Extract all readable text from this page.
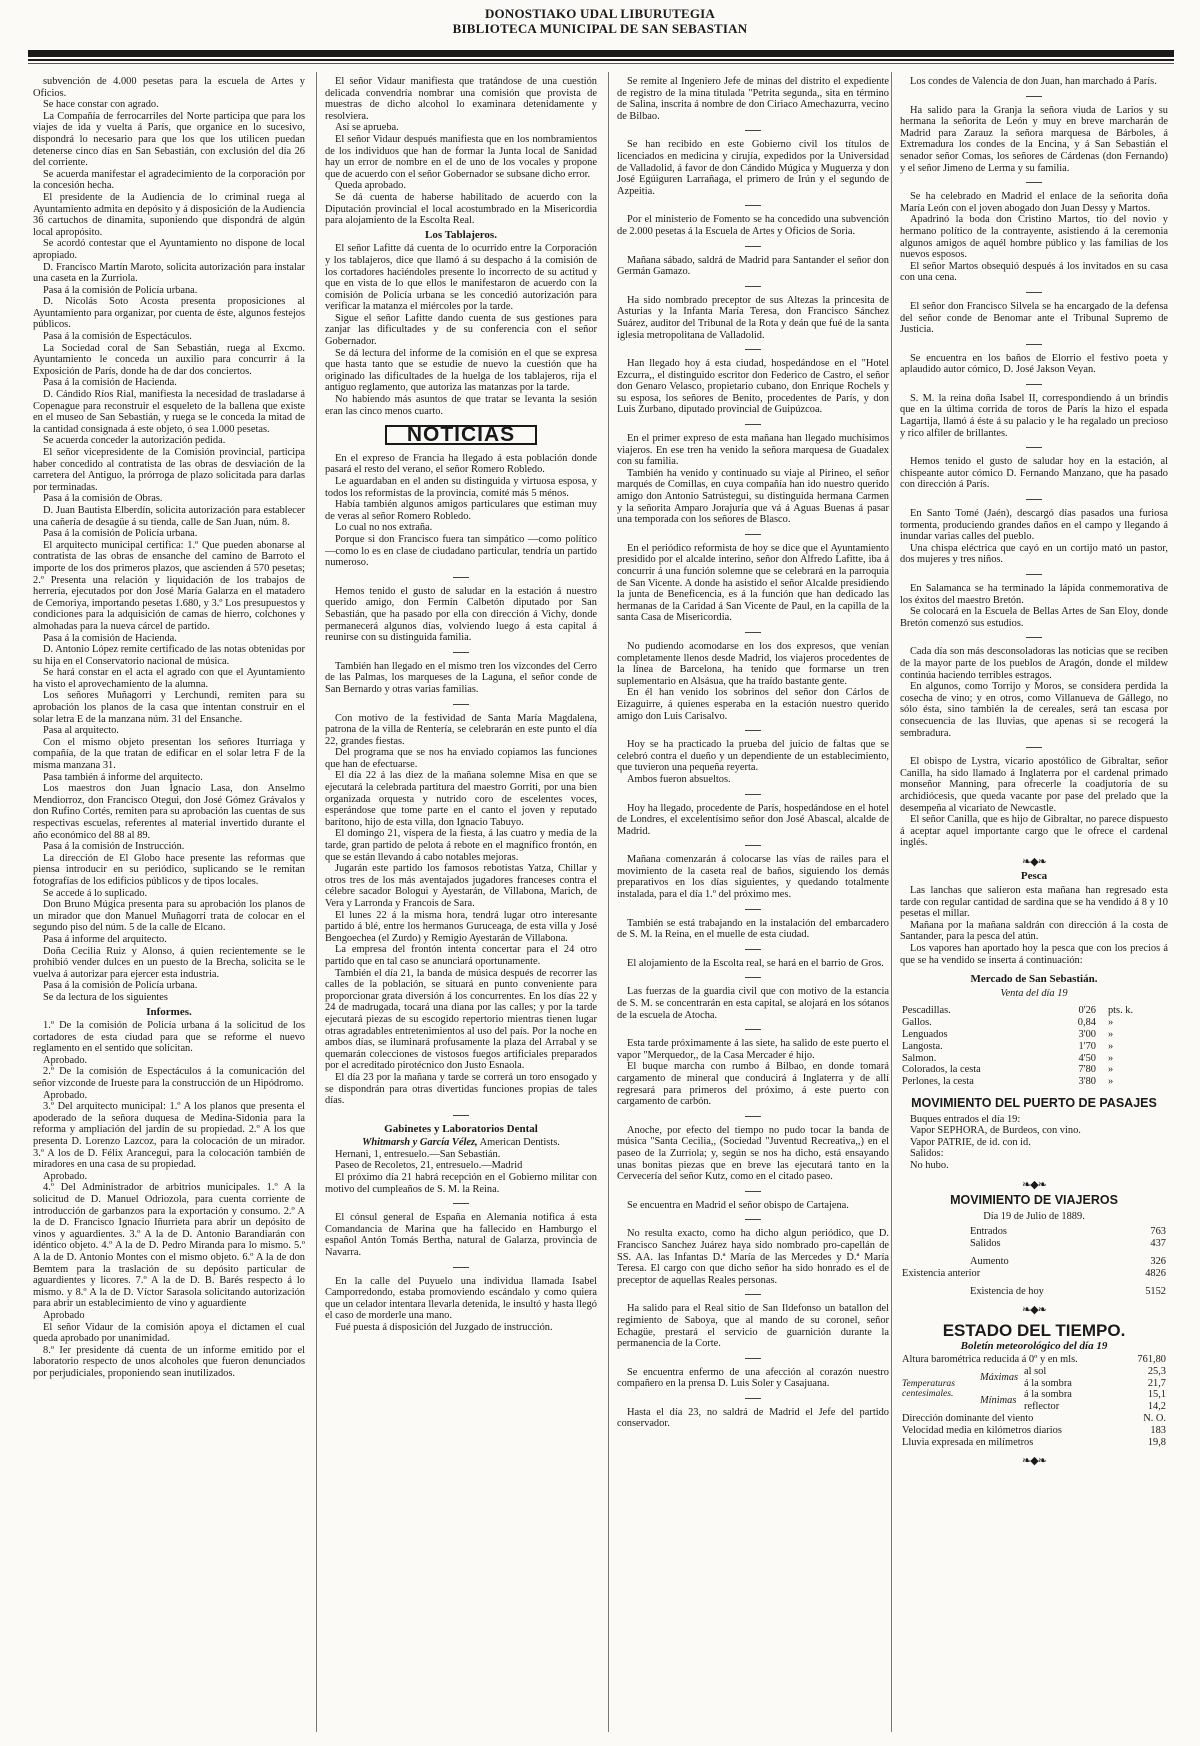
DONOSTIAKO UDAL LIBURUTEGIA
BIBLIOTECA MUNICIPAL DE SAN SEBASTIAN

subvención de 4.000 pesetas para la escuela de Artes y Oficios.

Se hace constar con agrado.

La Compañía de ferrocarriles del Norte participa que para los viajes de ida y vuelta á París, que organice en lo sucesivo, dispondrá lo necesario para que los que los utilicen puedan detenerse cinco días en San Sebastián, con exclusión del día 26 del corriente.

Se acuerda manifestar el agradecimiento de la corporación por la concesión hecha.

El presidente de la Audiencia de lo criminal ruega al Ayuntamiento admita en depósito y á disposición de la Audiencia 36 cartuchos de dinamita, suponiendo que dispondrá de algún local apropósito.

Se acordó contestar que el Ayuntamiento no dispone de local apropiado.

D. Francisco Martín Maroto, solicita autorización para instalar una caseta en la Zurriola.

Pasa á la comisión de Policía urbana.

D. Nicolás Soto Acosta presenta proposiciones al Ayuntamiento para organizar, por cuenta de éste, algunos festejos públicos.

Pasa á la comisión de Espectáculos.

La Sociedad coral de San Sebastián, ruega al Excmo. Ayuntamiento le conceda un auxilio para concurrir á la Exposición de París, donde ha de dar dos conciertos.

Pasa á la comisión de Hacienda.

D. Cándido Ríos Rial, manifiesta la necesidad de trasladarse á Copenague para reconstruir el esqueleto de la ballena que existe en el museo de San Sebastián, y ruega se le conceda la mitad de la cantidad consignada á este objeto, ó sea 1.000 pesetas.

Se acuerda conceder la autorización pedida.

El señor vicepresidente de la Comisión provincial, participa haber concedido al contratista de las obras de desviación de la carretera del Antiguo, la prórroga de plazo solicitada para darlas por terminadas.

Pasa á la comisión de Obras.

D. Juan Bautista Elberdín, solicita autorización para establecer una cañería de desagüe á su tienda, calle de San Juan, núm. 8.

Pasa á la comisión de Policía urbana.

El arquitecto municipal certifica: 1.º Que pueden abonarse al contratista de las obras de ensanche del camino de Barroto el importe de los dos primeros plazos, que ascienden á 570 pesetas; 2.º Presenta una relación y liquidación de los trabajos de herrería, ejecutados por don José María Galarza en el matadero de Cemoriya, importando pesetas 1.680, y 3.º Los presupuestos y condiciones para la adquisición de camas de hierro, colchones y almohadas para la nueva cárcel de partido.

Pasa á la comisión de Hacienda.

D. Antonio López remite certificado de las notas obtenidas por su hija en el Conservatorio nacional de música.

Se hará constar en el acta el agrado con que el Ayuntamiento ha visto el aprovechamiento de la alumna.

Los señores Muñagorri y Lerchundi, remiten para su aprobación los planos de la casa que intentan construir en el solar letra E de la manzana núm. 31 del Ensanche.

Pasa al arquitecto.

Con el mismo objeto presentan los señores Iturriaga y compañía, de la que tratan de edificar en el solar letra F de la misma manzana 31.

Pasa también á informe del arquitecto.

Los maestros don Juan Ignacio Lasa, don Anselmo Mendiorroz, don Francisco Otegui, don José Gómez Grávalos y don Rufino Cortés, remiten para su aprobación las cuentas de sus respectivas escuelas, referentes al material invertido durante el año económico del 88 al 89.

Pasa á la comisión de Instrucción.

La dirección de El Globo hace presente las reformas que piensa introducir en su periódico, suplicando se le remitan fotografías de los edificios públicos y de tipos locales.

Se accede á lo suplicado.

Don Bruno Múgica presenta para su aprobación los planos de un mirador que don Manuel Muñagorri trata de colocar en el segundo piso del núm. 5 de la calle de Elcano.

Pasa á informe del arquitecto.

Doña Cecilia Ruiz y Alonso, á quien recientemente se le prohibió vender dulces en un puesto de la Brecha, solicita se le vuelva á autorizar para ejercer esta industria.

Pasa á la comisión de Policía urbana.

Se da lectura de los siguientes

Informes.

1.º De la comisión de Policía urbana á la solicitud de los cortadores de esta ciudad para que se reforme el nuevo reglamento en el sentido que solicitan.

Aprobado.

2.º De la comisión de Espectáculos á la comunicación del señor vizconde de Irueste para la construcción de un Hipódromo.

Aprobado.

3.º Del arquitecto municipal: 1.º A los planos que presenta el apoderado de la señora duquesa de Medina-Sidonia para la reforma y ampliación del jardín de su propiedad. 2.º A los que presenta D. Lorenzo Lazcoz, para la colocación de un mirador. 3.º A los de D. Félix Arancegui, para la colocación también de miradores en una casa de su propiedad.

Aprobado.

4.º Del Administrador de arbitrios municipales. 1.º A la solicitud de D. Manuel Odriozola, para cuenta corriente de introducción de garbanzos para la exportación y consumo. 2.º A la de D. Francisco Ignacio Iñurrieta para abrir un depósito de vinos y aguardientes. 3.º A la de D. Antonio Barandiarán con idéntico objeto. 4.º A la de D. Pedro Miranda para lo mismo. 5.º A la de D. Antonio Montes con el mismo objeto. 6.º A la de don Bemtem para la traslación de su depósito particular de aguardientes y licores. 7.º A la de D. B. Barés respecto á lo mismo. y 8.º A la de D. Víctor Sarasola solicitando autorización para abrir un establecimiento de vino y aguardiente

Aprobado

El señor Vidaur de la comisión apoya el dictamen el cual queda aprobado por unanimidad.

8.º Ier presidente dá cuenta de un informe emitido por el laboratorio respecto de unos alcoholes que fueron denunciados por perjudiciales, proponiendo sean inutilizados.

El señor Vidaur manifiesta que tratándose de una cuestión delicada convendría nombrar una comisión que provista de muestras de dicho alcohol lo examinara detenidamente y resolviera.

Así se aprueba.

El señor Vidaur después manifiesta que en los nombramientos de los individuos que han de formar la Junta local de Sanidad hay un error de nombre en el de uno de los vocales y propone que de acuerdo con el señor Gobernador se subsane dicho error.

Queda aprobado.

Se dá cuenta de haberse habilitado de acuerdo con la Diputación provincial el local acostumbrado en la Misericordia para alojamiento de la Escolta Real.

Los Tablajeros.

El señor Lafitte dá cuenta de lo ocurrido entre la Corporación y los tablajeros, dice que llamó á su despacho á la comisión de los cortadores haciéndoles presente lo incorrecto de su actitud y que en vista de lo que ellos le manifestaron de acuerdo con la comisión de Policía urbana se les concedió autorización para verificar la matanza el miércoles por la tarde.

Sigue el señor Lafitte dando cuenta de sus gestiones para zanjar las dificultades y de su conferencia con el señor Gobernador.

Se dá lectura del informe de la comisión en el que se expresa que hasta tanto que se estudie de nuevo la cuestión que ha originado las dificultades de la huelga de los tablajeros, rija el antiguo reglamento, que autoriza las matanzas por la tarde.

No habiendo más asuntos de que tratar se levanta la sesión eran las cinco menos cuarto.

NOTICIAS

En el expreso de Francia ha llegado á esta población donde pasará el resto del verano, el señor Romero Robledo.

Le aguardaban en el anden su distinguida y virtuosa esposa, y todos los reformistas de la provincia, comité más 5 ménos.

Había también algunos amigos particulares que estiman muy de veras al señor Romero Robledo.

Lo cual no nos extraña.

Porque si don Francisco fuera tan simpático —como político—como lo es en clase de ciudadano particular, tendría un partido numeroso.

Hemos tenido el gusto de saludar en la estación á nuestro querido amigo, don Fermín Calbetón diputado por San Sebastián, que ha pasado por ella con dirección á Vichy, donde permanecerá algunos días, volviendo luego á esta capital á reunirse con su distinguida familia.

También han llegado en el mismo tren los vizcondes del Cerro de las Palmas, los marqueses de la Laguna, el señor conde de San Bernardo y otras varias familias.

Con motivo de la festividad de Santa María Magdalena, patrona de la villa de Rentería, se celebrarán en este punto el día 22, grandes fiestas.

Del programa que se nos ha enviado copiamos las funciones que han de efectuarse.

El día 22 á las diez de la mañana solemne Misa en que se ejecutará la celebrada partitura del maestro Gorriti, por una bien organizada orquesta y nutrido coro de escelentes voces, esperándose que tome parte en el canto el joven y reputado barítono, hijo de esta villa, don Ignacio Tabuyo.

El domingo 21, víspera de la fiesta, á las cuatro y media de la tarde, gran partido de pelota á rebote en el magnífico frontón, en que se están llevando á cabo notables mejoras.

Jugarán este partido los famosos rebotistas Yatza, Chillar y otros tres de los más aventajados jugadores franceses contra el célebre sacador Bologui y Ayestarán, de Villabona, Marich, de Vera y Larronda y Francois de Sara.

El lunes 22 á la misma hora, tendrá lugar otro interesante partido á blé, entre los hermanos Guruceaga, de esta villa y José Bengoechea (el Zurdo) y Remigio Ayestarán de Villabona.

La empresa del frontón intenta concertar para el 24 otro partido que en tal caso se anunciará oportunamente.

También el día 21, la banda de música después de recorrer las calles de la población, se situará en punto conveniente para proporcionar grata diversión á los concurrentes. En los días 22 y 24 de madrugada, tocará una diana por las calles; y por la tarde ejecutará piezas de su escogido repertorio mientras tienen lugar otras agradables entretenimientos al uso del país. Por la noche en ambos días, se iluminará profusamente la plaza del Arrabal y se quemarán colecciones de vistosos fuegos artificiales preparados por el acreditado pirotécnico don Justo Esnaola.

El día 23 por la mañana y tarde se correrá un toro ensogado y se dispondrán para otras divertidas funciones propias de tales días.

Gabinetes y Laboratorios Dental
Whitmarsh y García Vélez, American Dentists.

Hernani, 1, entresuelo.—San Sebastián.

Paseo de Recoletos, 21, entresuelo.—Madrid

El próximo día 21 habrá recepción en el Gobierno militar con motivo del cumpleaños de S. M. la Reina.

El cónsul general de España en Alemania notifica á esta Comandancia de Marina que ha fallecido en Hamburgo el español Antón Tomás Bertha, natural de Galarza, provincia de Navarra.

En la calle del Puyuelo una individua llamada Isabel Camporredondo, estaba promoviendo escándalo y como quiera que un celador intentara llevarla detenida, le insultó y hasta llegó el caso de morderle una mano.

Fué puesta á disposición del Juzgado de instrucción.

Se remite al Ingeniero Jefe de minas del distrito el expediente de registro de la mina titulada "Petrita segunda,, sita en término de Salina, inscrita á nombre de don Ciriaco Amechazurra, vecino de Bilbao.

Se han recibido en este Gobierno civil los títulos de licenciados en medicina y cirujía, expedidos por la Universidad de Valladolid, á favor de don Cándido Múgica y Muguerza y don José Egúiguren Larrañaga, el primero de Irún y el segundo de Azpeitia.

Por el ministerio de Fomento se ha concedido una subvención de 2.000 pesetas á la Escuela de Artes y Oficios de Soria.

Mañana sábado, saldrá de Madrid para Santander el señor don Germán Gamazo.

Ha sido nombrado preceptor de sus Altezas la princesita de Asturias y la Infanta María Teresa, don Francisco Sánchez Suárez, auditor del Tribunal de la Rota y deán que fué de la santa iglesia metropolitana de Valladolid.

Han llegado hoy á esta ciudad, hospedándose en el "Hotel Ezcurra,, el distinguido escritor don Federico de Castro, el señor don Genaro Velasco, propietario cubano, don Enrique Rochels y su esposa, los señores de Benito, procedentes de París, y don Luis Zurbano, diputado provincial de Guipúzcoa.

En el primer expreso de esta mañana han llegado muchísimos viajeros. En ese tren ha venido la señora marquesa de Guadalex con su familia.

También ha venido y continuado su viaje al Pirineo, el señor marqués de Comillas, en cuya compañía han ido nuestro querido amigo don Antonio Satrústegui, su distinguida hermana Carmen y la señorita Amparo Jorajuría que vá á Aguas Buenas á pasar una temporada con los señores de Blasco.

En el periódico reformista de hoy se dice que el Ayuntamiento presidido por el alcalde interino, señor don Alfredo Lafitte, iba á concurrir á una función solemne que se celebrará en la parroquia de San Vicente. A donde ha asistido el señor Alcalde presidiendo la junta de Beneficencia, es á la función que han dedicado las hermanas de la Caridad á San Vicente de Paul, en la capilla de la santa Casa de Misericordia.

No pudiendo acomodarse en los dos expresos, que venían completamente llenos desde Madrid, los viajeros procedentes de la línea de Barcelona, ha tenido que formarse un tren suplementario en Alsásua, que ha traído bastante gente.

En él han venido los sobrinos del señor don Cárlos de Eizaguirre, á quienes esperaba en la estación nuestro querido amigo don Luis Carisalvo.

Hoy se ha practicado la prueba del juicio de faltas que se celebró contra el dueño y un dependiente de un establecimiento, que tuvieron una pequeña reyerta.

Ambos fueron absueltos.

Hoy ha llegado, procedente de París, hospedándose en el hotel de Londres, el excelentísimo señor don José Abascal, alcalde de Madrid.

Mañana comenzarán á colocarse las vías de railes para el movimiento de la caseta real de baños, siguiendo los demás preparativos en los días siguientes, y quedando totalmente instalada, para el día 1.º del próximo mes.

También se está trabajando en la instalación del embarcadero de S. M. la Reina, en el muelle de esta ciudad.

El alojamiento de la Escolta real, se hará en el barrio de Gros.

Las fuerzas de la guardia civil que con motivo de la estancia de S. M. se concentrarán en esta capital, se alojará en los sótanos de la escuela de Atocha.

Esta tarde próximamente á las siete, ha salido de este puerto el vapor "Merquedor,, de la Casa Mercader é hijo.

El buque marcha con rumbo á Bilbao, en donde tomará cargamento de mineral que conducirá á Inglaterra y de allí regresará para primeros del próximo, á este puerto con cargamento de carbón.

Anoche, por efecto del tiempo no pudo tocar la banda de música "Santa Cecilia,, (Sociedad "Juventud Recreativa,,) en el paseo de la Zurriola; y, según se nos ha dicho, está ensayando unas bonitas piezas que en breve las ejecutará tanto en la Cervecería del señor Kutz, como en el citado paseo.

Se encuentra en Madrid el señor obispo de Cartajena.

No resulta exacto, como ha dicho algun periódico, que D. Francisco Sanchez Juárez haya sido nombrado pro-capellán de SS. AA. las Infantas D.ª María de las Mercedes y D.ª María Teresa. El cargo con que dicho señor ha sido honrado es el de preceptor de aquellas Reales personas.

Ha salido para el Real sitio de San Ildefonso un batallon del regimiento de Saboya, que al mando de su coronel, señor Echagüe, prestará el servicio de guarnición durante la permanencia de la Corte.

Se encuentra enfermo de una afección al corazón nuestro compañero en la prensa D. Luis Soler y Casajuana.

Hasta el día 23, no saldrá de Madrid el Jefe del partido conservador.

Los condes de Valencia de don Juan, han marchado á París.

Ha salido para la Granja la señora viuda de Larios y su hermana la señorita de León y muy en breve marcharán de Madrid para Zarauz la señora marquesa de Bárboles, á Extremadura los condes de la Encina, y á San Sebastián el senador señor Comas, los señores de Cárdenas (don Fernando) y el señor Jimeno de Lerma y su familia.

Se ha celebrado en Madrid el enlace de la señorita doña María León con el joven abogado don Juan Dessy y Martos.

Apadrinó la boda don Cristino Martos, tío del novio y hermano político de la contrayente, asistiendo á la ceremonia algunos amigos de aquél hombre público y las familias de los nuevos esposos.

El señor Martos obsequió después á los invitados en su casa con una cena.

El señor don Francisco Silvela se ha encargado de la defensa del señor conde de Benomar ante el Tribunal Supremo de Justicia.

Se encuentra en los baños de Elorrio el festivo poeta y aplaudido autor cómico, D. José Jakson Veyan.

S. M. la reina doña Isabel II, correspondiendo á un brindis que en la última corrida de toros de París la hizo el espada Lagartija, llamó á éste á su palacio y le ha regalado un precioso y rico alfiler de brillantes.

Hemos tenido el gusto de saludar hoy en la estación, al chispeante autor cómico D. Fernando Manzano, que ha pasado con dirección á París.

En Santo Tomé (Jaén), descargó días pasados una furiosa tormenta, produciendo grandes daños en el campo y llegando á inundar varias calles del pueblo.

Una chispa eléctrica que cayó en un cortijo mató un pastor, dos mujeres y tres niños.

En Salamanca se ha terminado la lápida conmemorativa de los éxitos del maestro Bretón.

Se colocará en la Escuela de Bellas Artes de San Eloy, donde Bretón comenzó sus estudios.

Cada día son más desconsoladoras las noticias que se reciben de la mayor parte de los pueblos de Aragón, donde el mildew continúa haciendo terribles estragos.

En algunos, como Torrijo y Moros, se considera perdida la cosecha de vino; y en otros, como Villanueva de Gállego, no sólo ésta, sino también la de cereales, será tan escasa por consecuencia de las lluvias, que apenas si se recogerá la sembradura.

El obispo de Lystra, vicario apostólico de Gibraltar, señor Canilla, ha sido llamado á Inglaterra por el cardenal primado monseñor Manning, para ofrecerle la coadjutoría de su archidiócesis, que queda vacante por pase del prelado que la desempeña al vicariato de Newcastle.

El señor Canilla, que es hijo de Gibraltar, no parece dispuesto á aceptar aquel importante cargo que le ofrece el cardenal inglés.

❧◆❧
Pesca

Las lanchas que salieron esta mañana han regresado esta tarde con regular cantidad de sardina que se ha vendido á 8 y 10 pesetas el millar.

Mañana por la mañana saldrán con dirección á la costa de Santander, para la pesca del atún.

Los vapores han aportado hoy la pesca que con los precios á que se ha vendido se inserta á continuación:

Mercado de San Sebastián.
Venta del día 19
Pescadillas.	0'26	pts. k.
Gallos.	0,84	»
Lenguados	3'00	»
Langosta.	1'70	»
Salmon.	4'50	»
Colorados, la cesta	7'80	»
Perlones, la cesta	3'80	»
MOVIMIENTO DEL PUERTO DE PASAJES

Buques entrados el día 19:

Vapor SEPHORA, de Burdeos, con vino.

Vapor PATRIE, de id. con id.

Salidos:

No hubo.

❧◆❧
MOVIMIENTO DE VIAJEROS
Día 19 de Julio de 1889.
Entrados	763
Salidos	437
Aumento	326
Existencia anterior	4826
Existencia de hoy	5152
❧◆❧
ESTADO DEL TIEMPO.
Boletín meteorológico del día 19
Altura barométrica reducida á 0º y en mls.			761,80
Temperaturas centesimales.	Máximas	al sol	25,3
		á la sombra	21,7
	Mínimas	á la sombra	15,1
		reflector	14,2
Dirección dominante del viento			N. O.
Velocidad media en kilómetros diarios			183
Lluvia expresada en milímetros			19,8
❧◆❧
